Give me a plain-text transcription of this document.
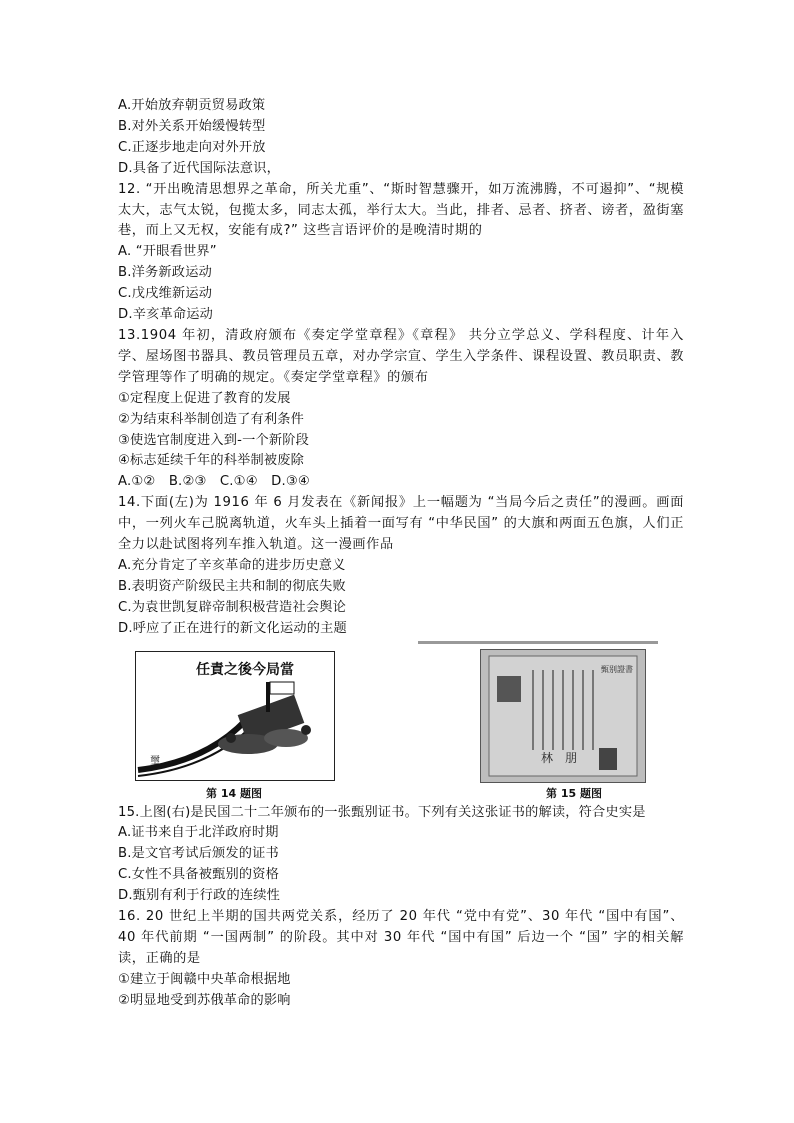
A.开始放弃朝贡贸易政策
B.对外关系开始缓慢转型
C.正逐步地走向对外开放
D.具备了近代国际法意识，
12. “开出晚清思想界之革命，所关尤重”、“斯时智慧骤开，如万流沸腾，不可遏抑”、“规模太大，志气太锐，包揽太多，同志太孤，举行太大。当此，排者、忌者、挤者、谤者，盈街塞巷，而上又无权，安能有成?” 这些言语评价的是晚清时期的
A. “开眼看世界”
B.洋务新政运动
C.戊戌维新运动
D.辛亥革命运动
13.1904 年初，清政府颁布《奏定学堂章程》《章程》 共分立学总义、学科程度、计年入学、屋场图书器具、教员管理员五章，对办学宗宣、学生入学条件、课程设置、教员职责、教学管理等作了明确的规定。《奏定学堂章程》的颁布
①定程度上促进了教育的发展
②为结束科举制创造了有利条件
③使选官制度进入到-一个新阶段
④标志延续千年的科举制被废除
A.①②　B.②③　C.①④　D.③④
14.下面(左)为 1916 年 6 月发表在《新闻报》上一幅题为 “当局今后之责任”的漫画。画面中，一列火车己脱离轨道，火车头上插着一面写有 “中华民国” 的大旗和两面五色旗，人们正全力以赴试图将列车推入轨道。这一漫画作品
A.充分肯定了辛亥革命的进步历史意义
B.表明资产阶级民主共和制的彻底失败
C.为袁世凯复辟帝制积极营造社会舆论
D.呼应了正在进行的新文化运动的主题
任責之後今局當
璽
第 14 题图
甄别證書
林　朋
第 15 题图
15.上图(右)是民国二十二年颁布的一张甄别证书。下列有关这张证书的解读，符合史实是
A.证书来自于北洋政府时期
B.是文官考试后颁发的证书
C.女性不具备被甄别的资格
D.甄别有利于行政的连续性
16. 20 世纪上半期的国共两党关系，经历了 20 年代 “党中有党”、30 年代 “国中有国”、40 年代前期 “一国两制” 的阶段。其中对 30 年代 “国中有国” 后边一个 “国” 字的相关解读，正确的是
①建立于闽赣中央革命根据地
②明显地受到苏俄革命的影响
